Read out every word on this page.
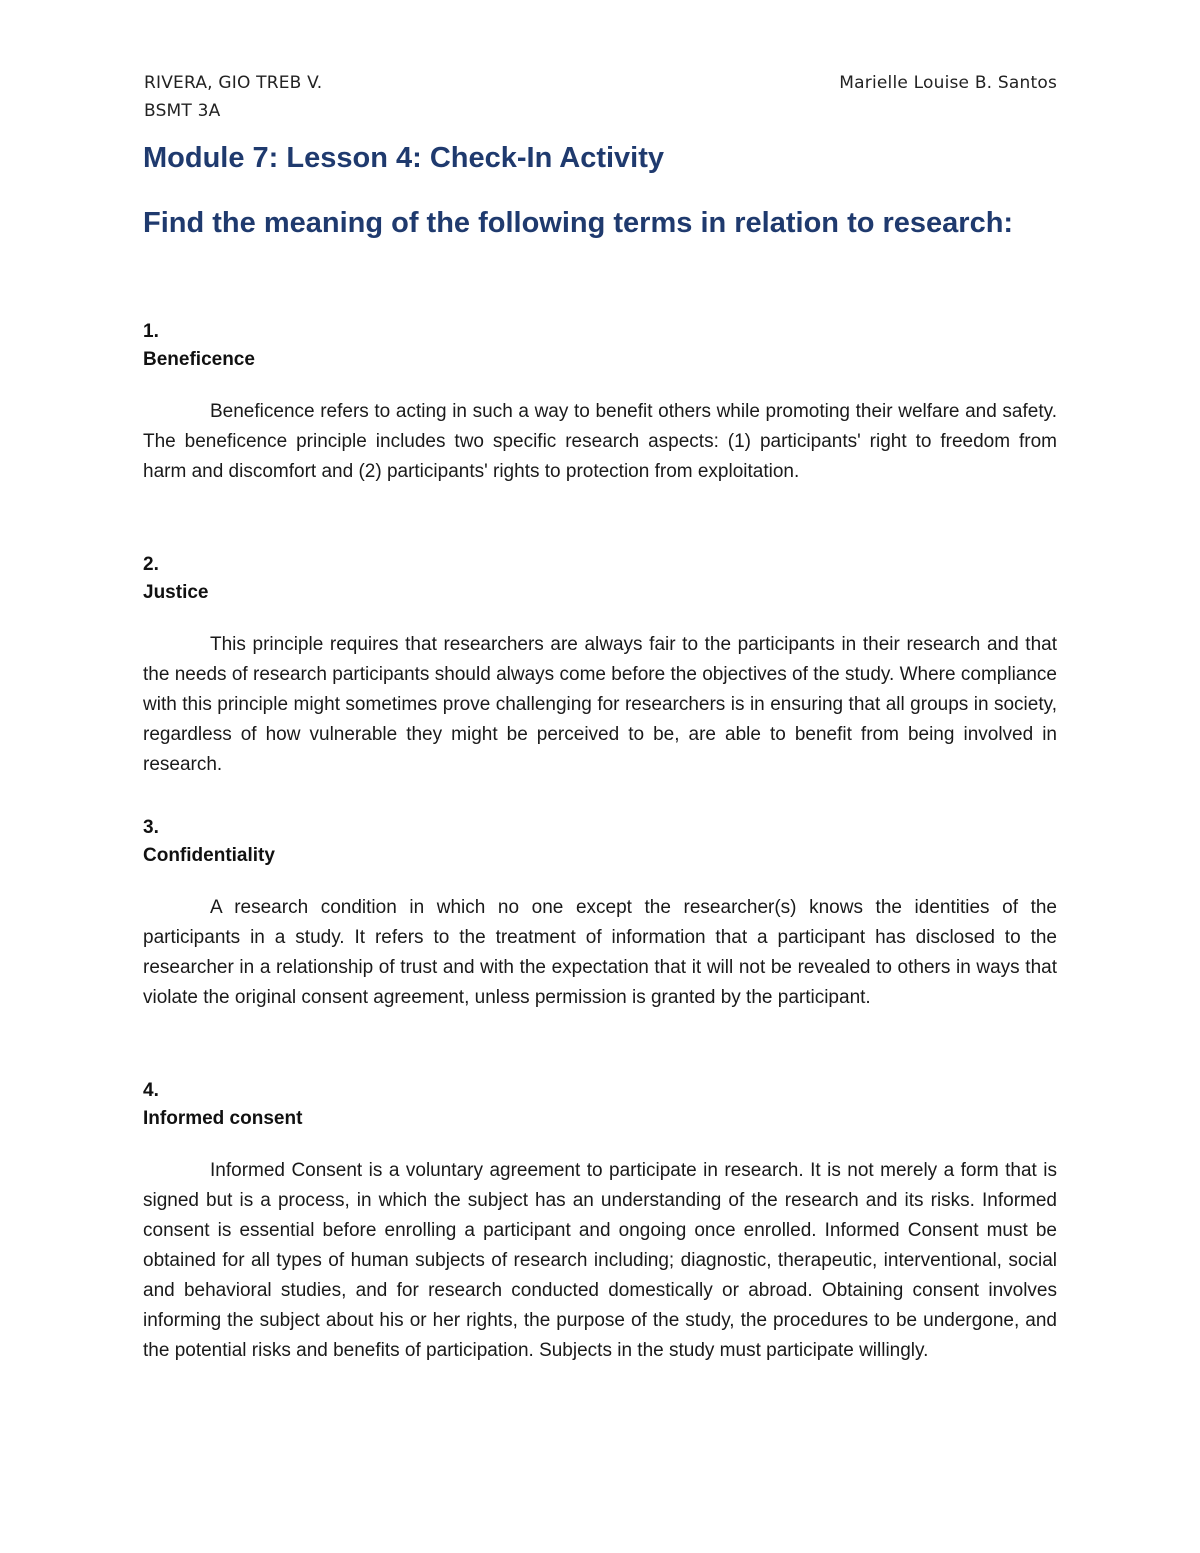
RIVERA, GIO TREB V.
BSMT 3A
Marielle Louise B. Santos
Module 7: Lesson 4: Check-In Activity
Find the meaning of the following terms in relation to research:

1.

Beneficence

Beneficence refers to acting in such a way to benefit others while promoting their welfare and safety. The beneficence principle includes two specific research aspects: (1) participants' right to freedom from harm and discomfort and (2) participants' rights to protection from exploitation.

2.

Justice

This principle requires that researchers are always fair to the participants in their research and that the needs of research participants should always come before the objectives of the study. Where compliance with this principle might sometimes prove challenging for researchers is in ensuring that all groups in society, regardless of how vulnerable they might be perceived to be, are able to benefit from being involved in research.

3.

Confidentiality

A research condition in which no one except the researcher(s) knows the identities of the participants in a study. It refers to the treatment of information that a participant has disclosed to the researcher in a relationship of trust and with the expectation that it will not be revealed to others in ways that violate the original consent agreement, unless permission is granted by the participant.

4.

Informed consent

Informed Consent is a voluntary agreement to participate in research. It is not merely a form that is signed but is a process, in which the subject has an understanding of the research and its risks. Informed consent is essential before enrolling a participant and ongoing once enrolled. Informed Consent must be obtained for all types of human subjects of research including; diagnostic, therapeutic, interventional, social and behavioral studies, and for research conducted domestically or abroad. Obtaining consent involves informing the subject about his or her rights, the purpose of the study, the procedures to be undergone, and the potential risks and benefits of participation. Subjects in the study must participate willingly.
